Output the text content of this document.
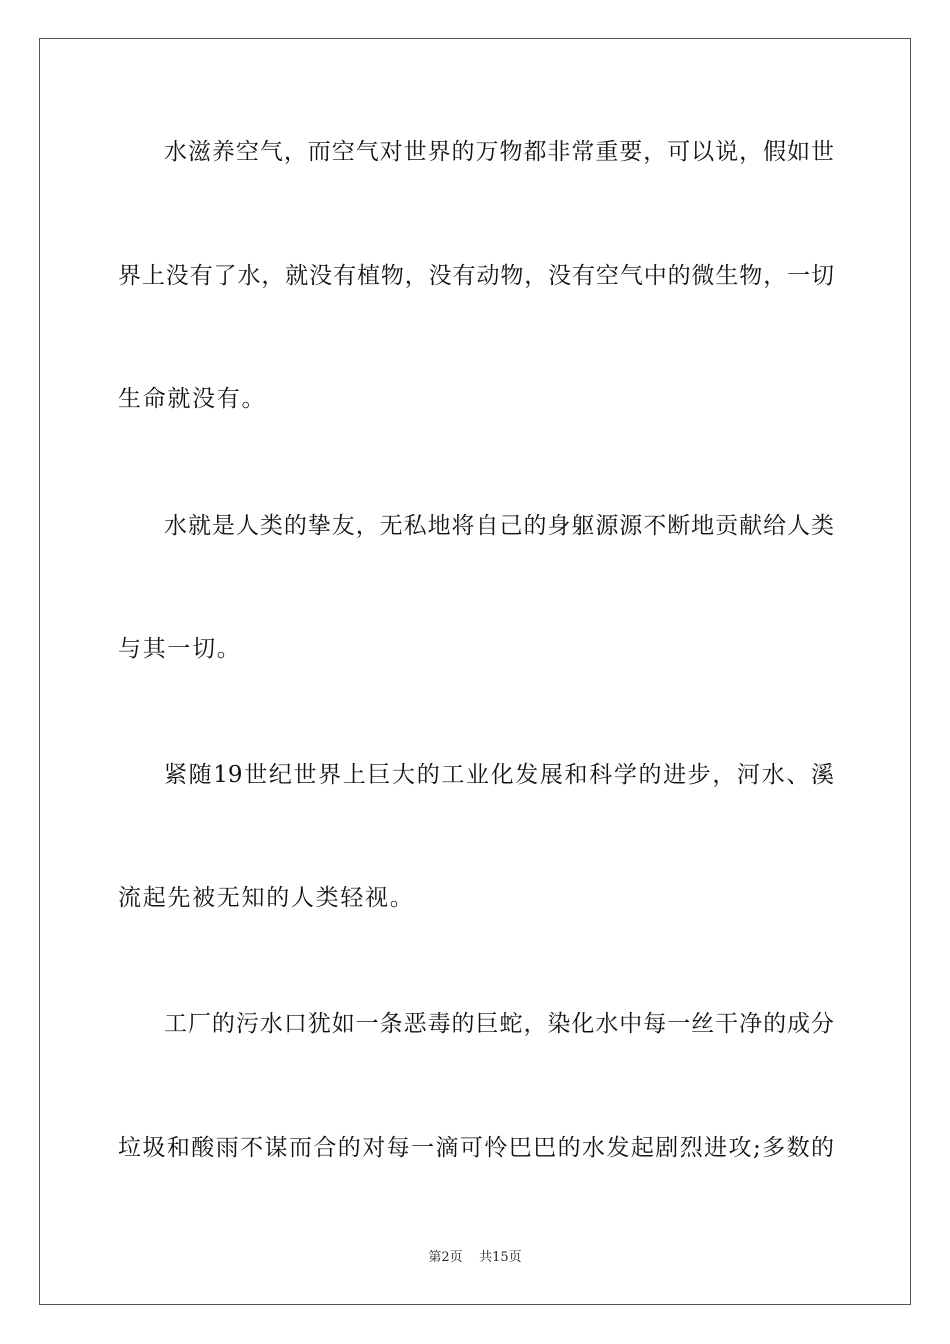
水滋养空气，而空气对世界的万物都非常重要，可以说，假如世
界上没有了水，就没有植物，没有动物，没有空气中的微生物，一切
生命就没有。
水就是人类的挚友，无私地将自己的身躯源源不断地贡献给人类
与其一切。
紧随19世纪世界上巨大的工业化发展和科学的进步，河水、溪
流起先被无知的人类轻视。
工厂的污水口犹如一条恶毒的巨蛇，染化水中每一丝干净的成分
垃圾和酸雨不谋而合的对每一滴可怜巴巴的水发起剧烈进攻;多数的
第2页 共15页
